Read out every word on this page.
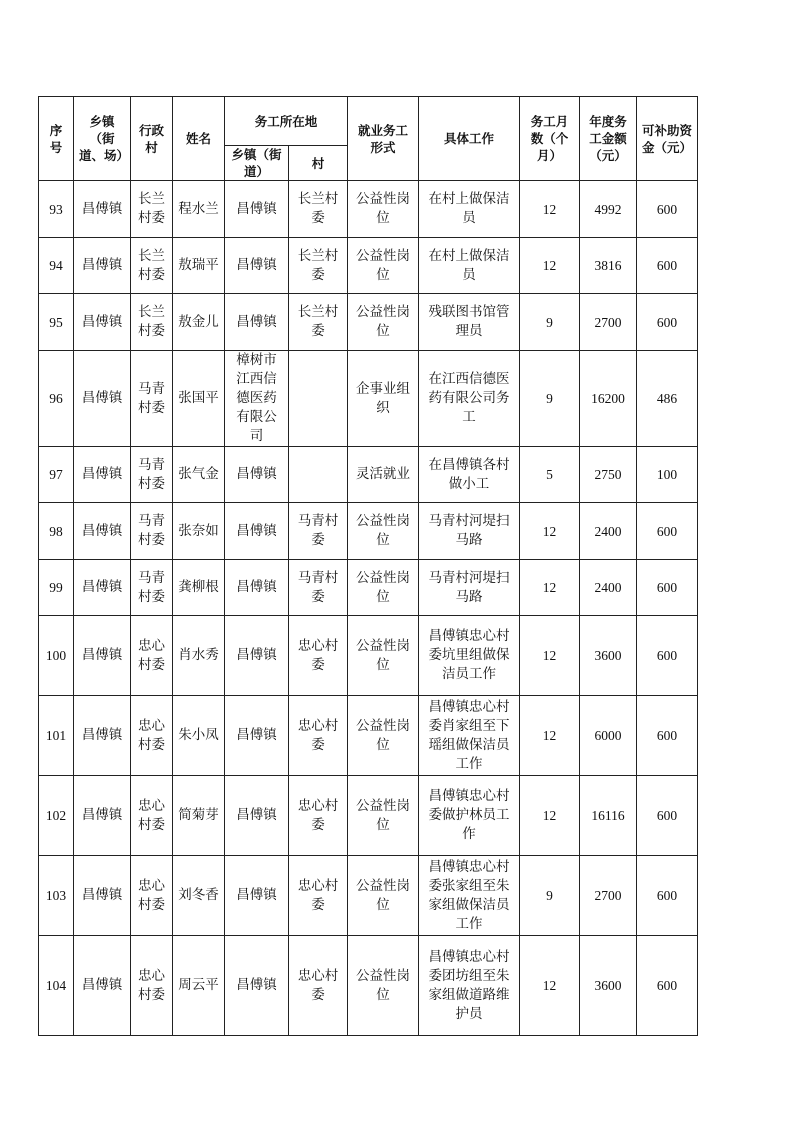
序号	乡镇（街道、场）	行政村	姓名	务工所在地		就业务工形式	具体工作	务工月数（个月）	年度务工金额（元）	可补助资金（元）
				乡镇（街道）	村					
93	昌傅镇	长兰村委	程水兰	昌傅镇	长兰村委	公益性岗位	在村上做保洁员	12	4992	600
94	昌傅镇	长兰村委	敖瑞平	昌傅镇	长兰村委	公益性岗位	在村上做保洁员	12	3816	600
95	昌傅镇	长兰村委	敖金儿	昌傅镇	长兰村委	公益性岗位	残联图书馆管理员	9	2700	600
96	昌傅镇	马青村委	张国平	樟树市江西信德医药有限公司		企事业组织	在江西信德医药有限公司务工	9	16200	486
97	昌傅镇	马青村委	张气金	昌傅镇		灵活就业	在昌傅镇各村做小工	5	2750	100
98	昌傅镇	马青村委	张奈如	昌傅镇	马青村委	公益性岗位	马青村河堤扫马路	12	2400	600
99	昌傅镇	马青村委	龚柳根	昌傅镇	马青村委	公益性岗位	马青村河堤扫马路	12	2400	600
100	昌傅镇	忠心村委	肖水秀	昌傅镇	忠心村委	公益性岗位	昌傅镇忠心村委坑里组做保洁员工作	12	3600	600
101	昌傅镇	忠心村委	朱小凤	昌傅镇	忠心村委	公益性岗位	昌傅镇忠心村委肖家组至下瑶组做保洁员工作	12	6000	600
102	昌傅镇	忠心村委	简菊芽	昌傅镇	忠心村委	公益性岗位	昌傅镇忠心村委做护林员工作	12	16116	600
103	昌傅镇	忠心村委	刘冬香	昌傅镇	忠心村委	公益性岗位	昌傅镇忠心村委张家组至朱家组做保洁员工作	9	2700	600
104	昌傅镇	忠心村委	周云平	昌傅镇	忠心村委	公益性岗位	昌傅镇忠心村委团坊组至朱家组做道路维护员	12	3600	600
